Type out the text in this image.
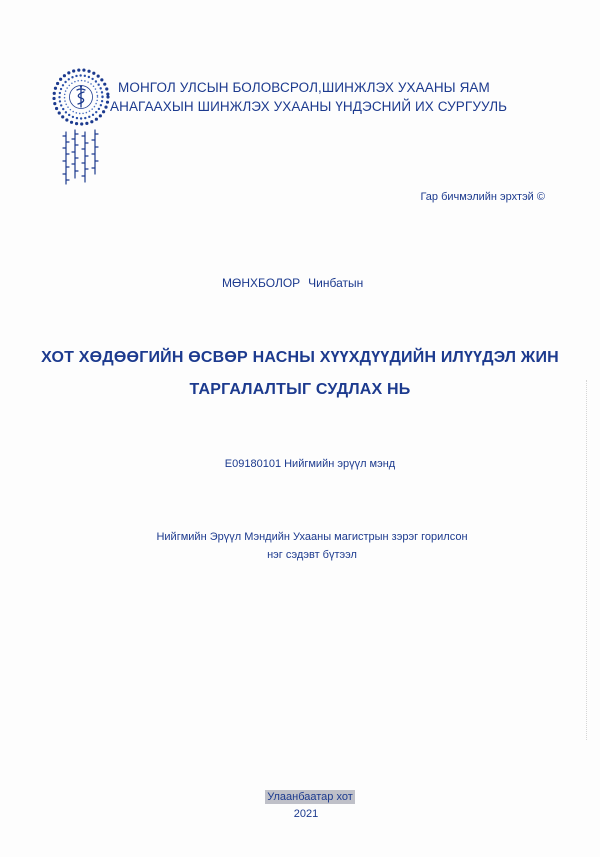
МОНГОЛ УЛСЫН БОЛОВСРОЛ,ШИНЖЛЭХ УХААНЫ ЯАМ
АНАГААХЫН ШИНЖЛЭХ УХААНЫ ҮНДЭСНИЙ ИХ СУРГУУЛЬ
Гар бичмэлийн эрхтэй ©
МӨНХБОЛОР Чинбатын
ХОТ ХӨДӨӨГИЙН ӨСВӨР НАСНЫ ХҮҮХДҮҮДИЙН ИЛҮҮДЭЛ ЖИН
ТАРГАЛАЛТЫГ СУДЛАХ НЬ
E09180101 Нийгмийн эрүүл мэнд
Нийгмийн Эрүүл Мэндийн Ухааны магистрын зэрэг горилсон
нэг сэдэвт бүтээл
Улаанбаатар хот
2021
